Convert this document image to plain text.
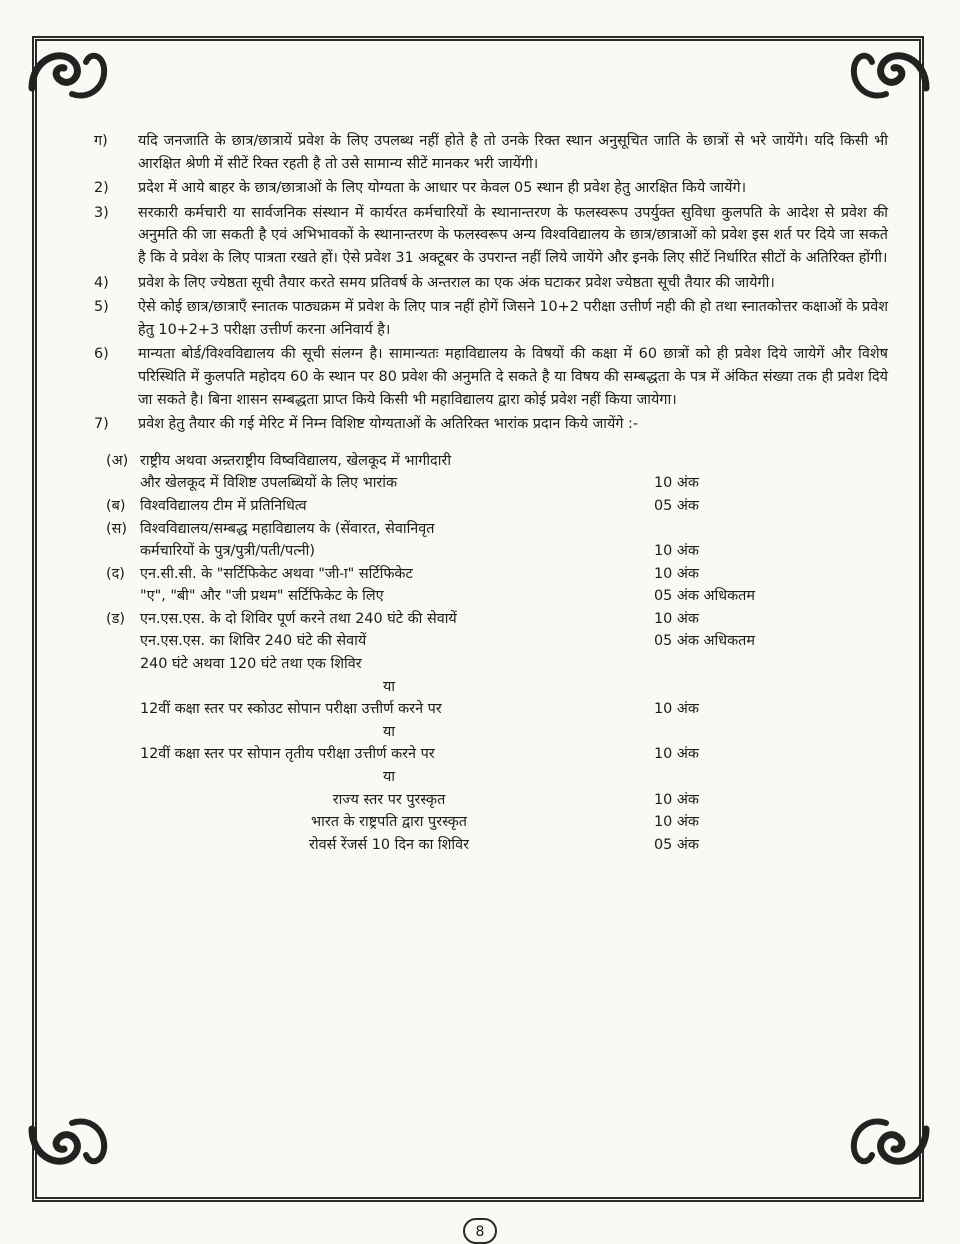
ग)	यदि जनजाति के छात्र/छात्रायें प्रवेश के लिए उपलब्ध नहीं होते है तो उनके रिक्त स्थान अनुसूचित जाति के छात्रों से भरे जायेंगे। यदि किसी भी आरक्षित श्रेणी में सीटें रिक्त रहती है तो उसे सामान्य सीटें मानकर भरी जायेंगी।
2)	प्रदेश में आये बाहर के छात्र/छात्राओं के लिए योग्यता के आधार पर केवल 05 स्थान ही प्रवेश हेतु आरक्षित किये जायेंगे।
3)	सरकारी कर्मचारी या सार्वजनिक संस्थान में कार्यरत कर्मचारियों के स्थानान्तरण के फलस्वरूप उपर्युक्त सुविधा कुलपति के आदेश से प्रवेश की अनुमति की जा सकती है एवं अभिभावकों के स्थानान्तरण के फलस्वरूप अन्य विश्वविद्यालय के छात्र/छात्राओं को प्रवेश इस शर्त पर दिये जा सकते है कि वे प्रवेश के लिए पात्रता रखते हों। ऐसे प्रवेश 31 अक्टूबर के उपरान्त नहीं लिये जायेंगे और इनके लिए सीटें निर्धारित सीटों के अतिरिक्त होंगी।
4)	प्रवेश के लिए ज्येष्ठता सूची तैयार करते समय प्रतिवर्ष के अन्तराल का एक अंक घटाकर प्रवेश ज्येष्ठता सूची तैयार की जायेगी।
5)	ऐसे कोई छात्र/छात्राएँ स्नातक पाठ्यक्रम में प्रवेश के लिए पात्र नहीं होगें जिसने 10+2 परीक्षा उत्तीर्ण नही की हो तथा स्नातकोत्तर कक्षाओं के प्रवेश हेतु 10+2+3 परीक्षा उत्तीर्ण करना अनिवार्य है।
6)	मान्यता बोर्ड/विश्वविद्यालय की सूची संलग्न है। सामान्यतः महाविद्यालय के विषयों की कक्षा में 60 छात्रों को ही प्रवेश दिये जायेगें और विशेष परिस्थिति में कुलपति महोदय 60 के स्थान पर 80 प्रवेश की अनुमति दे सकते है या विषय की सम्बद्धता के पत्र में अंकित संख्या तक ही प्रवेश दिये जा सकते है। बिना शासन सम्बद्धता प्राप्त किये किसी भी महाविद्यालय द्वारा कोई प्रवेश नहीं किया जायेगा।
7)	प्रवेश हेतु तैयार की गई मेरिट में निम्न विशिष्ट योग्यताओं के अतिरिक्त भारांक प्रदान किये जायेंगे :-
(अ) राष्ट्रीय अथवा अन्र्तराष्ट्रीय विष्वविद्यालय, खेलकूद में भागीदारी
और खेलकूद में विशिष्ट उपलब्धियों के लिए भारांक	10 अंक
(ब)	विश्वविद्यालय टीम में प्रतिनिधित्व	05 अंक
(स) विश्वविद्यालय/सम्बद्ध महाविद्यालय के (सेंवारत, सेवानिवृत
कर्मचारियों के पुत्र/पुत्री/पती/पत्नी)	10 अंक
(द)	एन.सी.सी. के "सर्टिफिकेट अथवा "जी-ा" सर्टिफिकेट	10 अंक
"ए", "बी" और "जी प्रथम" सर्टिफिकेट के लिए	05 अंक अधिकतम
(ड)	एन.एस.एस. के दो शिविर पूर्ण करने तथा 240 घंटे की सेवायें	10 अंक
एन.एस.एस. का शिविर 240 घंटे की सेवायें	05 अंक अधिकतम
240 घंटे अथवा 120 घंटे तथा एक शिविर
या
12वीं कक्षा स्तर पर स्कोउट सोपान परीक्षा उत्तीर्ण करने पर	10 अंक
या
12वीं कक्षा स्तर पर सोपान तृतीय परीक्षा उत्तीर्ण करने पर	10 अंक
या
राज्य स्तर पर पुरस्कृत	10 अंक
भारत के राष्ट्रपति द्वारा पुरस्कृत	10 अंक
रोवर्स रेंजर्स 10 दिन का शिविर	05 अंक
8
